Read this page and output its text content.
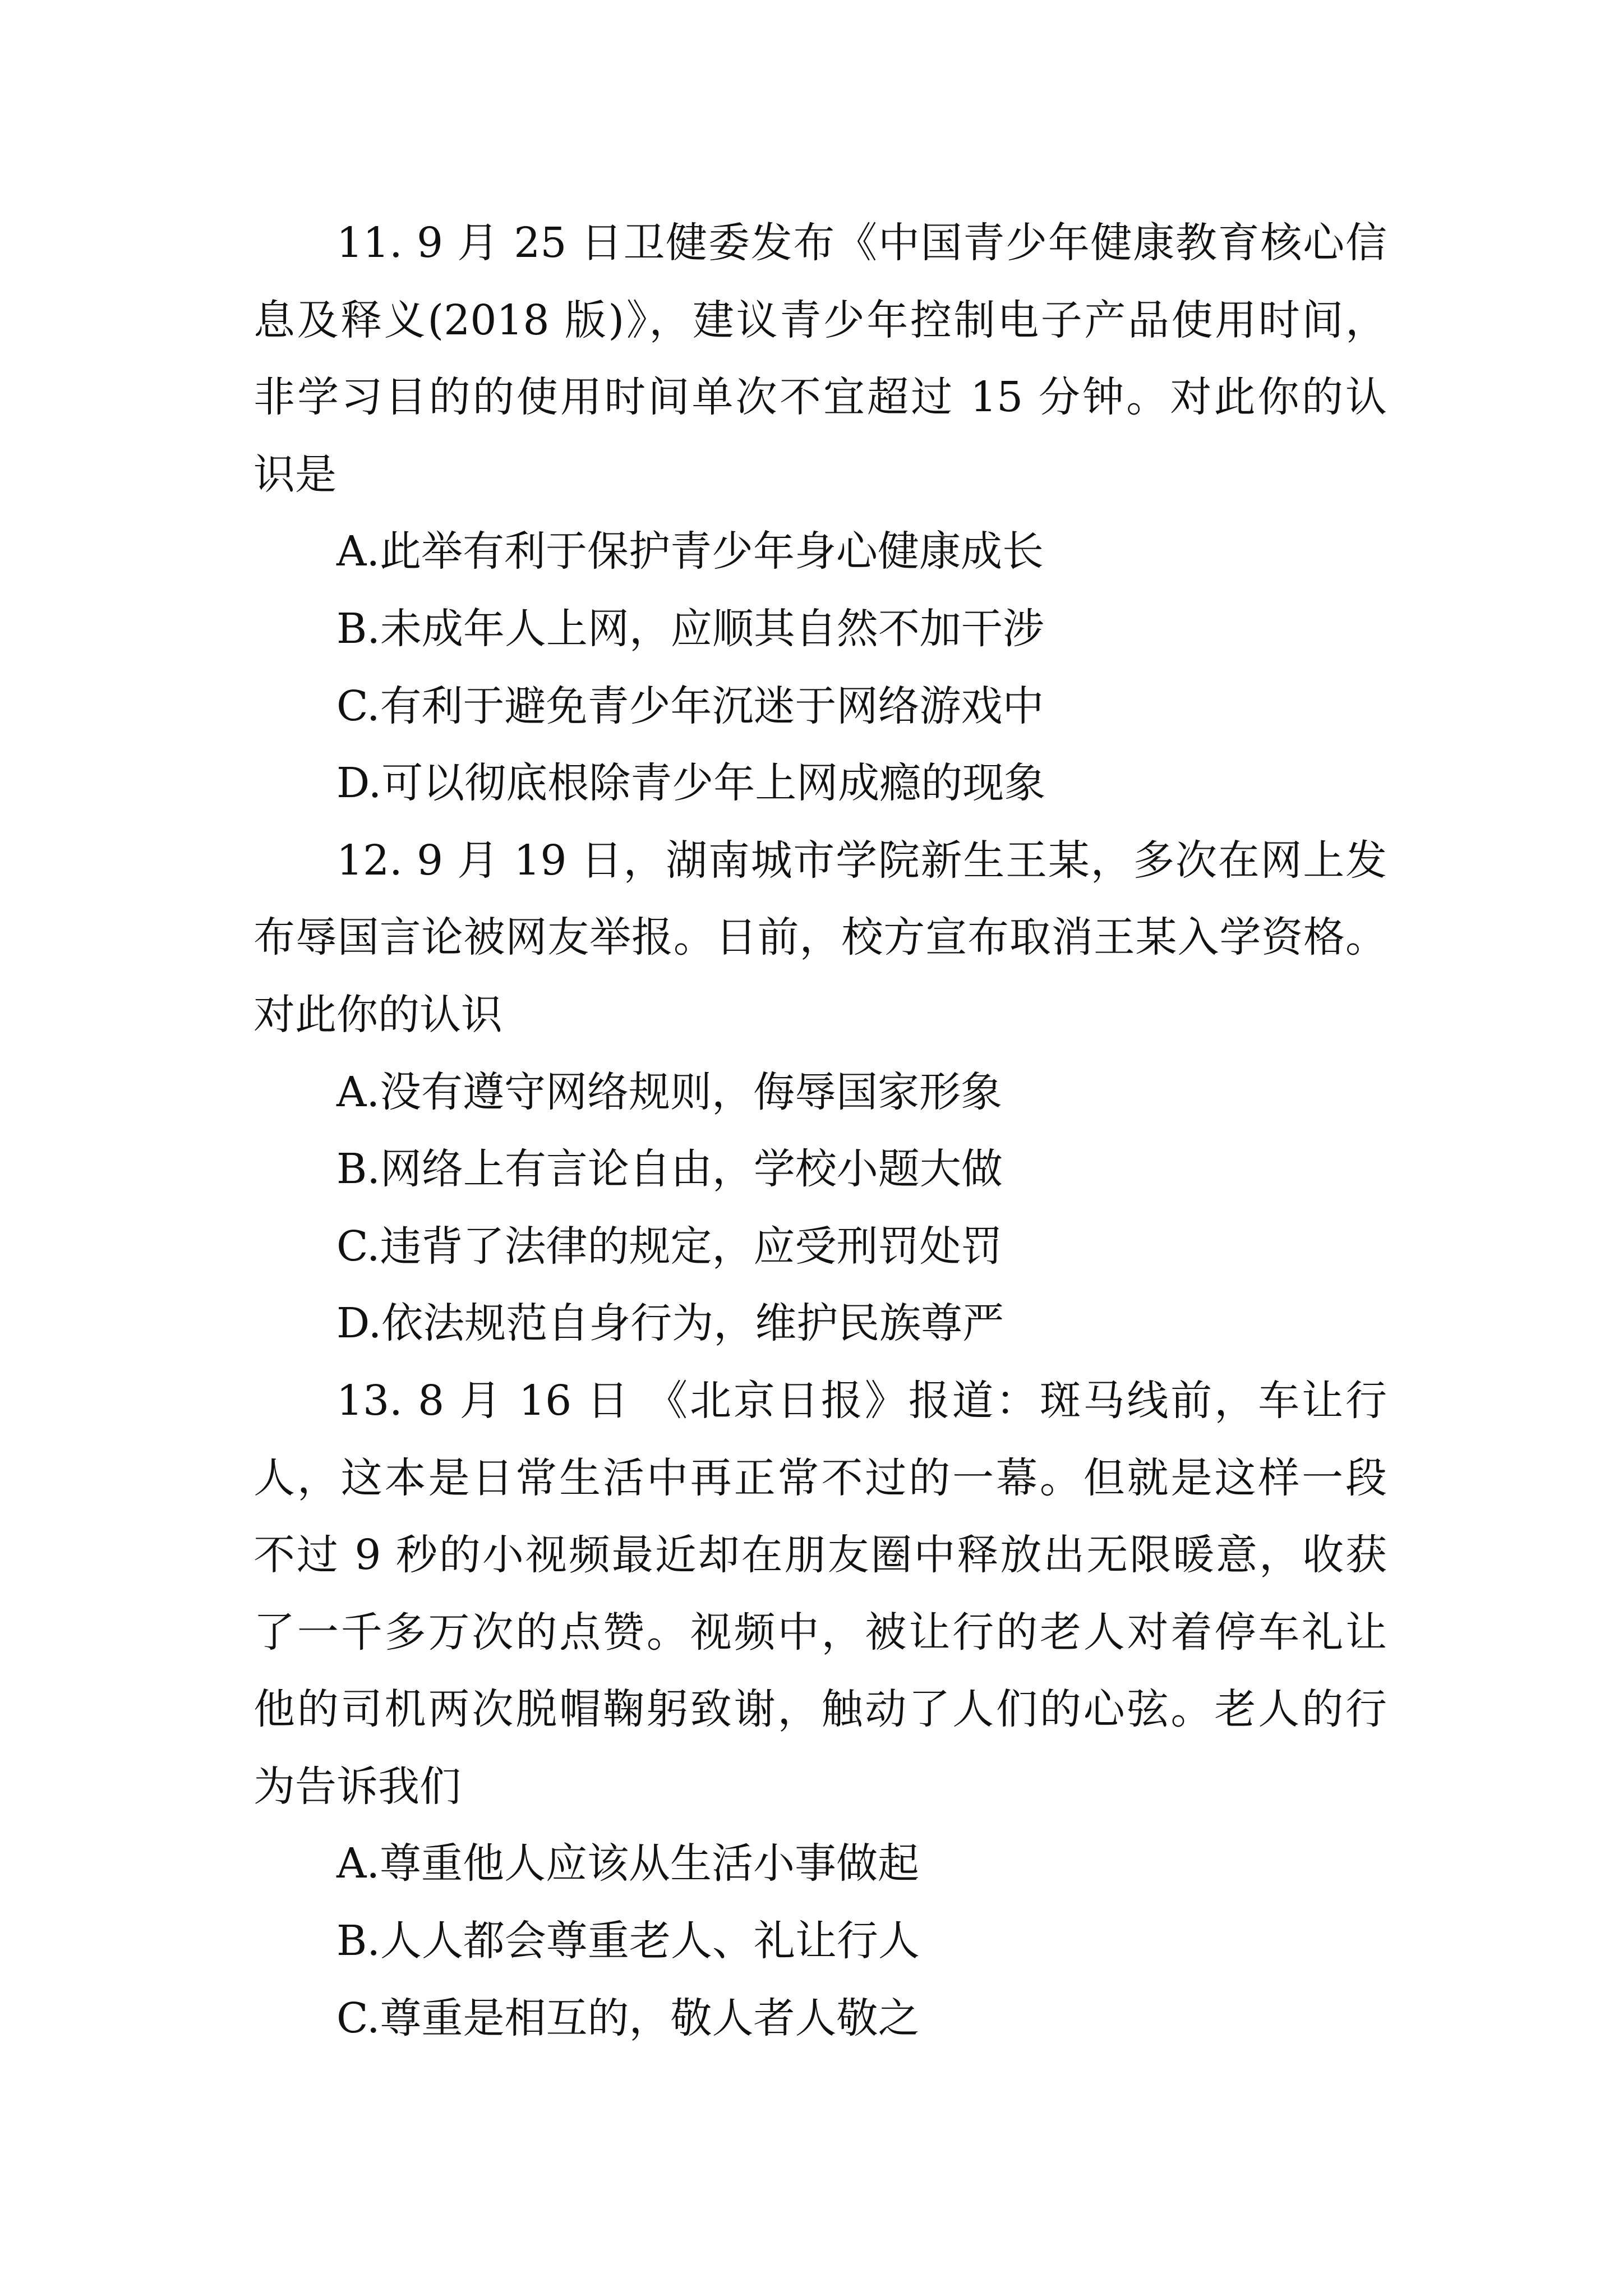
11. 9 月 25 日卫健委发布《中国青少年健康教育核心信
息及释义(2018 版)》，建议青少年控制电子产品使用时间，
非学习目的的使用时间单次不宜超过 15 分钟。对此你的认
识是
A.此举有利于保护青少年身心健康成长
B.未成年人上网，应顺其自然不加干涉
C.有利于避免青少年沉迷于网络游戏中
D.可以彻底根除青少年上网成瘾的现象
12. 9 月 19 日，湖南城市学院新生王某，多次在网上发
布辱国言论被网友举报。日前，校方宣布取消王某入学资格。
对此你的认识
A.没有遵守网络规则，侮辱国家形象
B.网络上有言论自由，学校小题大做
C.违背了法律的规定，应受刑罚处罚
D.依法规范自身行为，维护民族尊严
13. 8 月 16 日 《北京日报》报道：斑马线前，车让行
人，这本是日常生活中再正常不过的一幕。但就是这样一段
不过 9 秒的小视频最近却在朋友圈中释放出无限暖意，收获
了一千多万次的点赞。视频中，被让行的老人对着停车礼让
他的司机两次脱帽鞠躬致谢，触动了人们的心弦。老人的行
为告诉我们
A.尊重他人应该从生活小事做起
B.人人都会尊重老人、礼让行人
C.尊重是相互的，敬人者人敬之
